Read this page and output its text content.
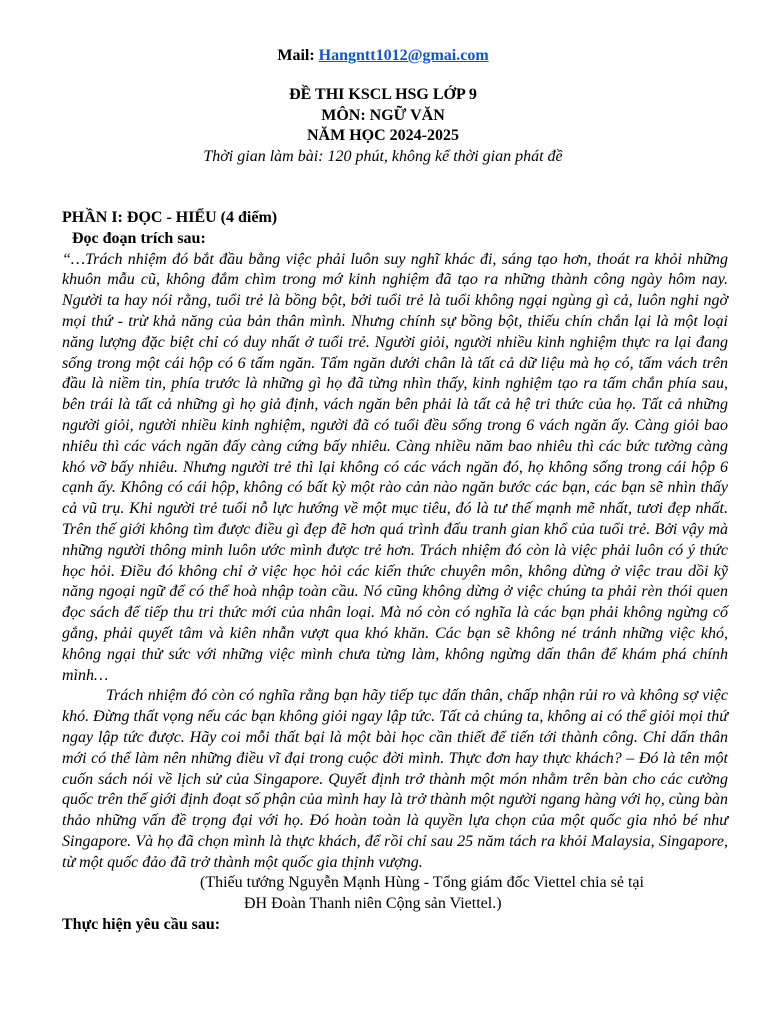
Mail: Hangntt1012@gmai.com
ĐỀ THI KSCL HSG LỚP 9
MÔN: NGỮ VĂN
NĂM HỌC 2024-2025
Thời gian làm bài: 120 phút, không kể thời gian phát đề
PHẦN I: ĐỌC - HIỂU (4 điểm)
Đọc đoạn trích sau:

“…Trách nhiệm đó bắt đầu bằng việc phải luôn suy nghĩ khác đi, sáng tạo hơn, thoát ra khỏi những khuôn mẫu cũ, không đắm chìm trong mớ kinh nghiệm đã tạo ra những thành công ngày hôm nay. Người ta hay nói rằng, tuổi trẻ là bồng bột, bởi tuổi trẻ là tuổi không ngại ngùng gì cả, luôn nghi ngờ mọi thứ - trừ khả năng của bản thân mình. Nhưng chính sự bồng bột, thiếu chín chắn lại là một loại năng lượng đặc biệt chỉ có duy nhất ở tuổi trẻ. Người giỏi, người nhiều kinh nghiệm thực ra lại đang sống trong một cái hộp có 6 tấm ngăn. Tấm ngăn dưới chân là tất cả dữ liệu mà họ có, tấm vách trên đầu là niềm tin, phía trước là những gì họ đã từng nhìn thấy, kinh nghiệm tạo ra tấm chắn phía sau, bên trái là tất cả những gì họ giả định, vách ngăn bên phải là tất cả hệ tri thức của họ. Tất cả những người giỏi, người nhiều kinh nghiệm, người đã có tuổi đều sống trong 6 vách ngăn ấy. Càng giỏi bao nhiêu thì các vách ngăn đấy càng cứng bấy nhiêu. Càng nhiều năm bao nhiêu thì các bức tường càng khó vỡ bấy nhiêu. Nhưng người trẻ thì lại không có các vách ngăn đó, họ không sống trong cái hộp 6 cạnh ấy. Không có cái hộp, không có bất kỳ một rào cản nào ngăn bước các bạn, các bạn sẽ nhìn thấy cả vũ trụ. Khi người trẻ tuổi nỗ lực hướng về một mục tiêu, đó là tư thế mạnh mẽ nhất, tươi đẹp nhất. Trên thế giới không tìm được điều gì đẹp đẽ hơn quá trình đấu tranh gian khổ của tuổi trẻ. Bởi vậy mà những người thông minh luôn ước mình được trẻ hơn. Trách nhiệm đó còn là việc phải luôn có ý thức học hỏi. Điều đó không chỉ ở việc học hỏi các kiến thức chuyên môn, không dừng ở việc trau dồi kỹ năng ngoại ngữ để có thể hoà nhập toàn cầu. Nó cũng không dừng ở việc chúng ta phải rèn thói quen đọc sách để tiếp thu tri thức mới của nhân loại. Mà nó còn có nghĩa là các bạn phải không ngừng cố gắng, phải quyết tâm và kiên nhẫn vượt qua khó khăn. Các bạn sẽ không né tránh những việc khó, không ngại thử sức với những việc mình chưa từng làm, không ngừng dấn thân để khám phá chính mình…

Trách nhiệm đó còn có nghĩa rằng bạn hãy tiếp tục dấn thân, chấp nhận rủi ro và không sợ việc khó. Đừng thất vọng nếu các bạn không giỏi ngay lập tức. Tất cả chúng ta, không ai có thể giỏi mọi thứ ngay lập tức được. Hãy coi mỗi thất bại là một bài học cần thiết để tiến tới thành công. Chỉ dấn thân mới có thể làm nên những điều vĩ đại trong cuộc đời mình. Thực đơn hay thực khách? – Đó là tên một cuốn sách nói về lịch sử của Singapore. Quyết định trở thành một món nhằm trên bàn cho các cường quốc trên thế giới định đoạt số phận của mình hay là trở thành một người ngang hàng với họ, cùng bàn thảo những vấn đề trọng đại với họ. Đó hoàn toàn là quyền lựa chọn của một quốc gia nhỏ bé như Singapore. Và họ đã chọn mình là thực khách, để rồi chỉ sau 25 năm tách ra khỏi Malaysia, Singapore, từ một quốc đảo đã trở thành một quốc gia thịnh vượng.

(Thiếu tướng Nguyễn Mạnh Hùng - Tổng giám đốc Viettel chia sẻ tại
ĐH Đoàn Thanh niên Cộng sản Viettel.)
Thực hiện yêu cầu sau:
